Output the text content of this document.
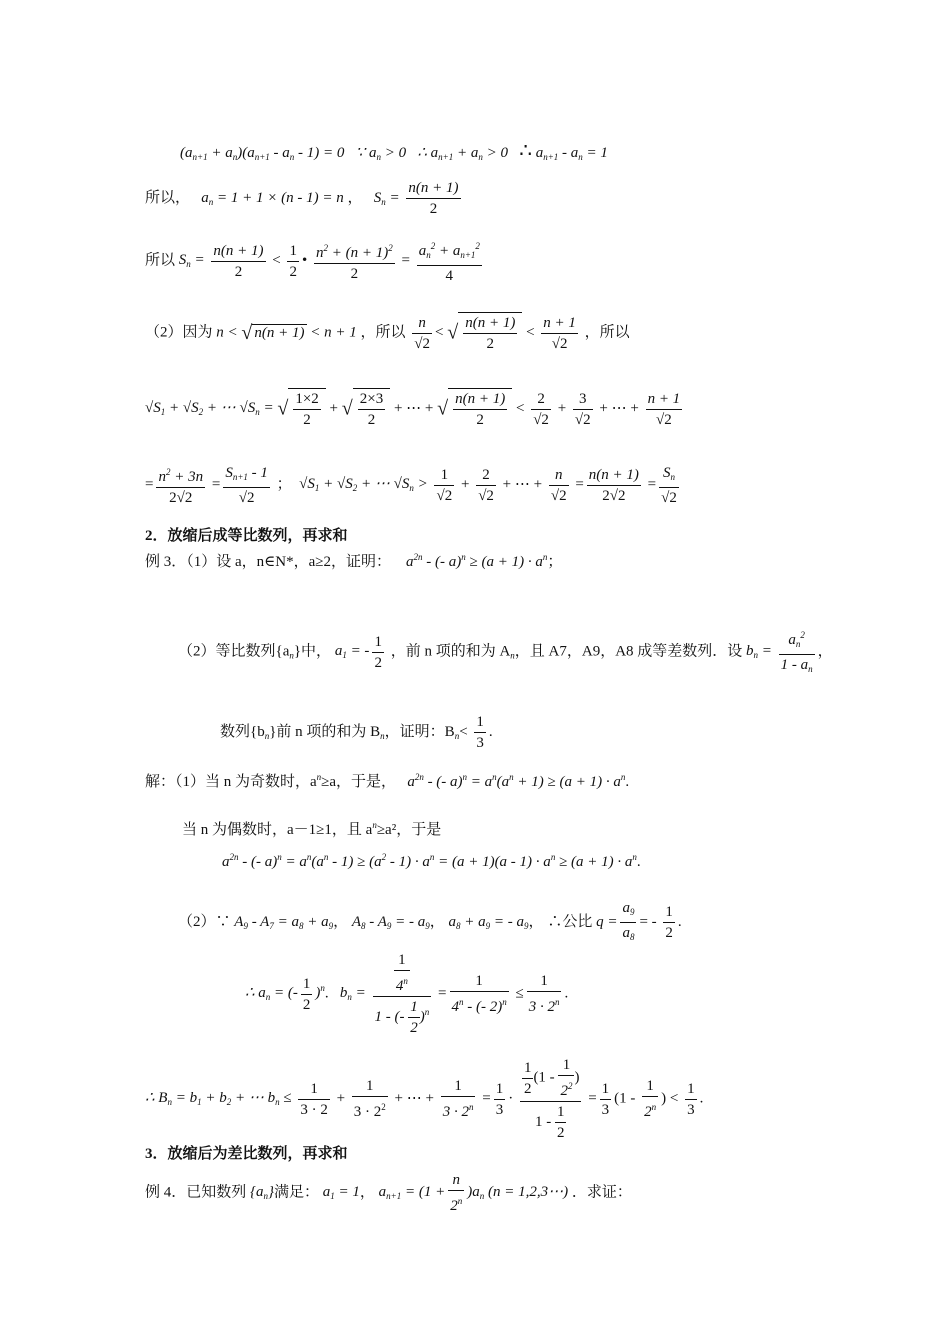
$(a_{n+1} + a_n)(a_{n+1} - a_n - 1) = 0$ ∵ $a_n > 0$ ∴ $a_{n+1} + a_n > 0$ ∴ $a_{n+1} - a_n = 1$
所以，   $a_n = 1 + 1 \times (n - 1) = n$ ，   $S_n = \frac{n(n + 1)}{2}$
所以 $S_n = \frac{n(n + 1)}{2} < \frac{1}{2}$ • $\frac{n^2 + (n + 1)^2}{2} = \frac{a_n^2 + a_{n+1}^2}{4}$
（2）因为 n < √ n(n + 1) < n + 1 ，所以 $\frac{n}{√2}$ < √ $\frac{n(n + 1)}{2} < \frac{n + 1}{√2}$ ，所以
$√S_1 + √S_2$ + ⋯ $√S_n$ = √ $\frac{1\times 2}{2}$ + √ $\frac{2\times 3}{2}$ + ⋯ + √ $\frac{n(n + 1)}{2} < \frac{2}{√2} + \frac{3}{√2}$ + ⋯ + $\frac{n + 1}{√2}$
= $\frac{n^2 + 3n}{2√2} = \frac{S_{n+1} - 1}{√2}$ ； $√S_1 + √S_2$ + ⋯ $√S_n > \frac{1}{√2} + \frac{2}{√2}$ + ⋯ + $\frac{n}{√2} = \frac{n(n + 1)}{2√2} = \frac{S_n}{√2}$
2．放缩后成等比数列，再求和
例 3．（1）设 a，n∈N*，a≥2，证明： $a^{2n}$ - (- $a)^n \ge (a + 1) \cdot a^n$；
（2）等比数列$\{a_n\}$中， $a_1$ = - $\frac{1}{2}$ ，前 n 项的和为 $A_n$，且 A7，A9，A8 成等差数列．设 $b_n = \frac{a_n^2}{1 - a_n}$ ，
数列$\{b_n\}$前 n 项的和为 $B_n$，证明：$B_n< \frac{1}{3}$ .
解：（1）当 n 为奇数时，$a^n\ge a$，于是， $a^{2n}$ - (- $a)^n = a^n(a^n + 1) \ge (a + 1) \cdot a^n$.
当 n 为偶数时，a－1≥1，且 $a^n\ge a^2$，于是
$a^{2n}$ - (- $a)^n = a^n(a^n - 1) \ge (a^2 - 1) \cdot a^n = (a + 1)(a - 1) \cdot a^n \ge (a + 1) \cdot a^n$.
（2）∵ $A_9 - A_7 = a_8 + a_9$， $A_8 - A_9$ = - $a_9$， $a_8 + a_9$ = - $a_9$， ∴公比 $q = \frac{a_9}{a_8}$ = - $\frac{1}{2}$ .
∴ $a_n$ = (- $\frac{1}{2} )^n$.   $b_n = \frac{\frac{1}{4^n}}{1 - (- \frac{1}{2} )^n} = \frac{1}{4^n - (- 2)^n} \le \frac{1}{3 \cdot 2^n}$ .
∴ $B_n = b_1 + b_2$ + ⋯ $b_n \le \frac{1}{3 \cdot 2} + \frac{1}{3 \cdot 2^2}$ + ⋯ + $\frac{1}{3 \cdot 2^n} = \frac{1}{3} \cdot \frac{\frac{1}{2} (1 - \frac{1}{2^2} )}{1 - \frac{1}{2}} = \frac{1}{3} (1 - \frac{1}{2^n}$ ) < $\frac{1}{3}$ .
3．放缩后为差比数列，再求和
例 4．已知数列 $\{a_n\}$满足： $a_1 = 1$， $a_{n+1} = (1 + \frac{n}{2^n} )a_n$ (n = 1,2,3⋯) ．求证：
